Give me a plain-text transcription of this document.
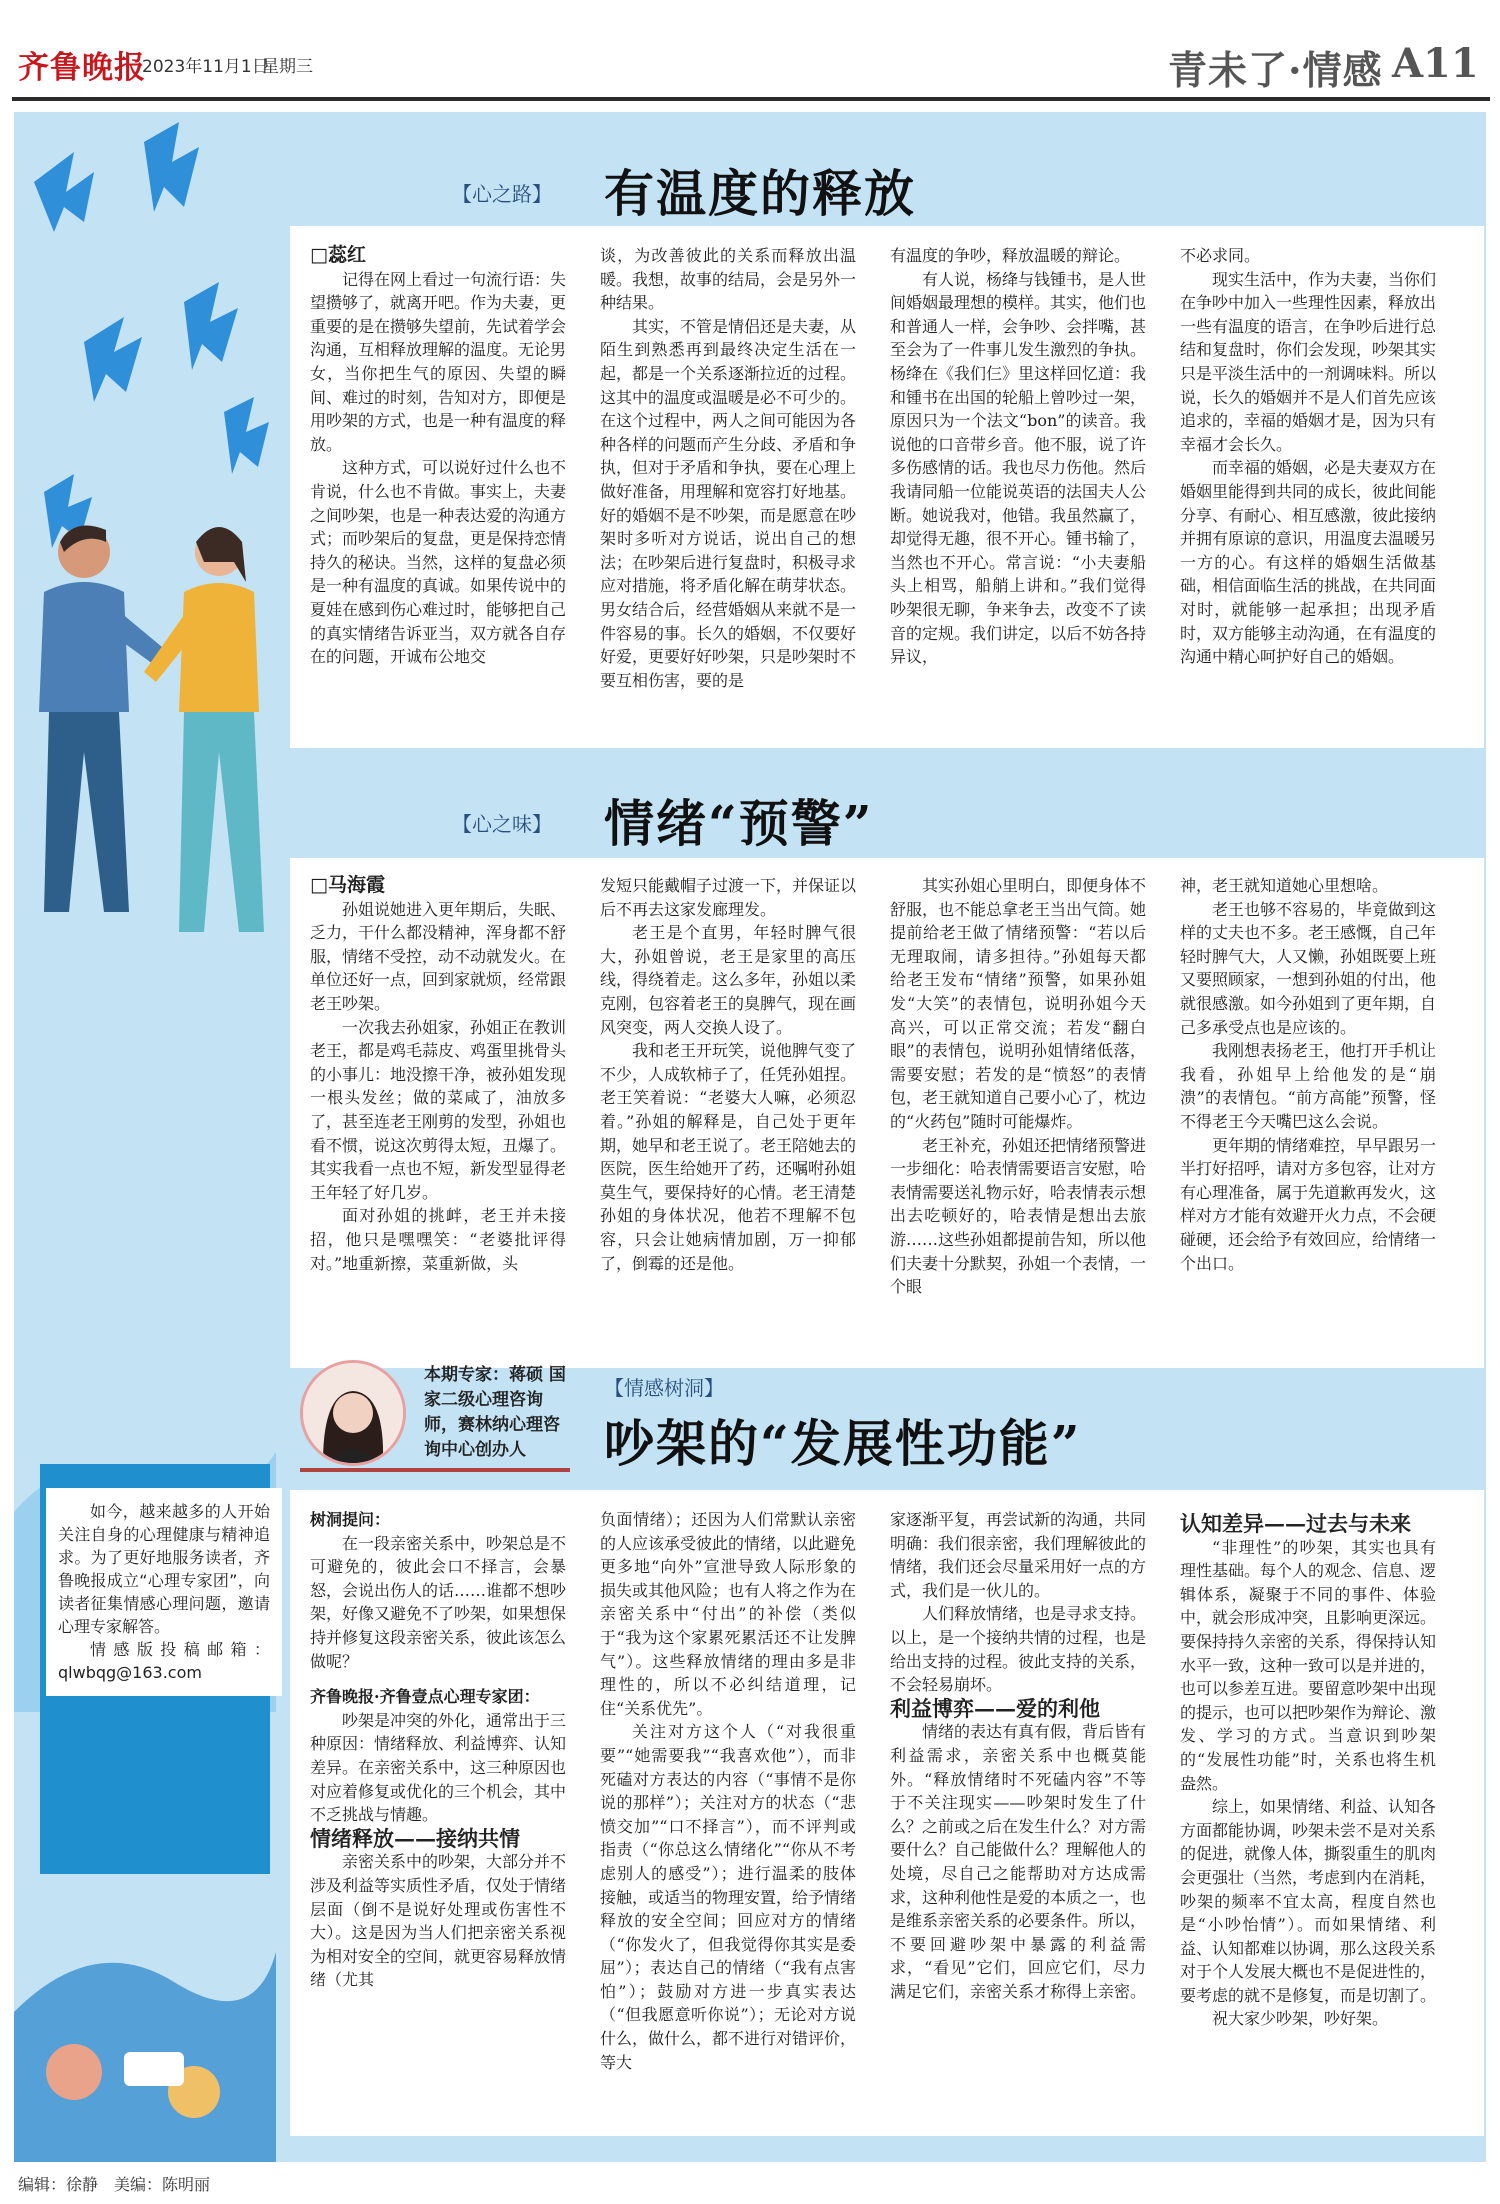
齐鲁晚报
2023年11月1日
星期三	青未了·情感 A11
【心之路】 有温度的释放

□蕊红

记得在网上看过一句流行语：失望攒够了，就离开吧。作为夫妻，更重要的是在攒够失望前，先试着学会沟通，互相释放理解的温度。无论男女，当你把生气的原因、失望的瞬间、难过的时刻，告知对方，即便是用吵架的方式，也是一种有温度的释放。

这种方式，可以说好过什么也不肯说，什么也不肯做。事实上，夫妻之间吵架，也是一种表达爱的沟通方式；而吵架后的复盘，更是保持恋情持久的秘诀。当然，这样的复盘必须是一种有温度的真诚。如果传说中的夏娃在感到伤心难过时，能够把自己的真实情绪告诉亚当，双方就各自存在的问题，开诚布公地交

谈，为改善彼此的关系而释放出温暖。我想，故事的结局，会是另外一种结果。

其实，不管是情侣还是夫妻，从陌生到熟悉再到最终决定生活在一起，都是一个关系逐渐拉近的过程。这其中的温度或温暖是必不可少的。在这个过程中，两人之间可能因为各种各样的问题而产生分歧、矛盾和争执，但对于矛盾和争执，要在心理上做好准备，用理解和宽容打好地基。好的婚姻不是不吵架，而是愿意在吵架时多听对方说话，说出自己的想法；在吵架后进行复盘时，积极寻求应对措施，将矛盾化解在萌芽状态。男女结合后，经营婚姻从来就不是一件容易的事。长久的婚姻，不仅要好好爱，更要好好吵架，只是吵架时不要互相伤害，要的是

有温度的争吵，释放温暖的辩论。

有人说，杨绛与钱锺书，是人世间婚姻最理想的模样。其实，他们也和普通人一样，会争吵、会拌嘴，甚至会为了一件事儿发生激烈的争执。杨绛在《我们仨》里这样回忆道：我和锺书在出国的轮船上曾吵过一架，原因只为一个法文“bon”的读音。我说他的口音带乡音。他不服，说了许多伤感情的话。我也尽力伤他。然后我请同船一位能说英语的法国夫人公断。她说我对，他错。我虽然赢了，却觉得无趣，很不开心。锺书输了，当然也不开心。常言说：“小夫妻船头上相骂，船艄上讲和。”我们觉得吵架很无聊，争来争去，改变不了读音的定规。我们讲定，以后不妨各持异议，

不必求同。

现实生活中，作为夫妻，当你们在争吵中加入一些理性因素，释放出一些有温度的语言，在争吵后进行总结和复盘时，你们会发现，吵架其实只是平淡生活中的一剂调味料。所以说，长久的婚姻并不是人们首先应该追求的，幸福的婚姻才是，因为只有幸福才会长久。

而幸福的婚姻，必是夫妻双方在婚姻里能得到共同的成长，彼此间能分享、有耐心、相互感激，彼此接纳并拥有原谅的意识，用温度去温暖另一方的心。有这样的婚姻生活做基础，相信面临生活的挑战，在共同面对时，就能够一起承担；出现矛盾时，双方能够主动沟通，在有温度的沟通中精心呵护好自己的婚姻。

【心之味】 情绪“预警”

□马海霞

孙姐说她进入更年期后，失眠、乏力，干什么都没精神，浑身都不舒服，情绪不受控，动不动就发火。在单位还好一点，回到家就烦，经常跟老王吵架。

一次我去孙姐家，孙姐正在教训老王，都是鸡毛蒜皮、鸡蛋里挑骨头的小事儿：地没擦干净，被孙姐发现一根头发丝；做的菜咸了，油放多了，甚至连老王刚剪的发型，孙姐也看不惯，说这次剪得太短，丑爆了。其实我看一点也不短，新发型显得老王年轻了好几岁。

面对孙姐的挑衅，老王并未接招，他只是嘿嘿笑：“老婆批评得对。”地重新擦，菜重新做，头

发短只能戴帽子过渡一下，并保证以后不再去这家发廊理发。

老王是个直男，年轻时脾气很大，孙姐曾说，老王是家里的高压线，得绕着走。这么多年，孙姐以柔克刚，包容着老王的臭脾气，现在画风突变，两人交换人设了。

我和老王开玩笑，说他脾气变了不少，人成软柿子了，任凭孙姐捏。老王笑着说：“老婆大人嘛，必须忍着。”孙姐的解释是，自己处于更年期，她早和老王说了。老王陪她去的医院，医生给她开了药，还嘱咐孙姐莫生气，要保持好的心情。老王清楚孙姐的身体状况，他若不理解不包容，只会让她病情加剧，万一抑郁了，倒霉的还是他。

其实孙姐心里明白，即便身体不舒服，也不能总拿老王当出气筒。她提前给老王做了情绪预警：“若以后无理取闹，请多担待。”孙姐每天都给老王发布“情绪”预警，如果孙姐发“大笑”的表情包，说明孙姐今天高兴，可以正常交流；若发“翻白眼”的表情包，说明孙姐情绪低落，需要安慰；若发的是“愤怒”的表情包，老王就知道自己要小心了，枕边的“火药包”随时可能爆炸。

老王补充，孙姐还把情绪预警进一步细化：哈表情需要语言安慰，哈表情需要送礼物示好，哈表情表示想出去吃顿好的，哈表情是想出去旅游……这些孙姐都提前告知，所以他们夫妻十分默契，孙姐一个表情，一个眼

神，老王就知道她心里想啥。

老王也够不容易的，毕竟做到这样的丈夫也不多。老王感慨，自己年轻时脾气大，人又懒，孙姐既要上班又要照顾家，一想到孙姐的付出，他就很感激。如今孙姐到了更年期，自己多承受点也是应该的。

我刚想表扬老王，他打开手机让我看，孙姐早上给他发的是“崩溃”的表情包。“前方高能”预警，怪不得老王今天嘴巴这么会说。

更年期的情绪难控，早早跟另一半打好招呼，请对方多包容，让对方有心理准备，属于先道歉再发火，这样对方才能有效避开火力点，不会硬碰硬，还会给予有效回应，给情绪一个出口。

本期专家：蒋硕 国家二级心理咨询师，赛林纳心理咨询中心创办人
【情感树洞】
吵架的“发展性功能”

树洞提问：

在一段亲密关系中，吵架总是不可避免的，彼此会口不择言，会暴怒，会说出伤人的话……谁都不想吵架，好像又避免不了吵架，如果想保持并修复这段亲密关系，彼此该怎么做呢？

齐鲁晚报·齐鲁壹点心理专家团：

吵架是冲突的外化，通常出于三种原因：情绪释放、利益博弈、认知差异。在亲密关系中，这三种原因也对应着修复或优化的三个机会，其中不乏挑战与情趣。

情绪释放——接纳共情

亲密关系中的吵架，大部分并不涉及利益等实质性矛盾，仅处于情绪层面（倒不是说好处理或伤害性不大）。这是因为当人们把亲密关系视为相对安全的空间，就更容易释放情绪（尤其

负面情绪）；还因为人们常默认亲密的人应该承受彼此的情绪，以此避免更多地“向外”宣泄导致人际形象的损失或其他风险；也有人将之作为在亲密关系中“付出”的补偿（类似于“我为这个家累死累活还不让发脾气”）。这些释放情绪的理由多是非理性的，所以不必纠结道理，记住“关系优先”。

关注对方这个人（“对我很重要”“她需要我”“我喜欢他”），而非死磕对方表达的内容（“事情不是你说的那样”）；关注对方的状态（“悲愤交加”“口不择言”），而不评判或指责（“你总这么情绪化”“你从不考虑别人的感受”）；进行温柔的肢体接触，或适当的物理安置，给予情绪释放的安全空间；回应对方的情绪（“你发火了，但我觉得你其实是委屈”）；表达自己的情绪（“我有点害怕”）；鼓励对方进一步真实表达（“但我愿意听你说”）；无论对方说什么，做什么，都不进行对错评价，等大

家逐渐平复，再尝试新的沟通，共同明确：我们很亲密，我们理解彼此的情绪，我们还会尽量采用好一点的方式，我们是一伙儿的。

人们释放情绪，也是寻求支持。以上，是一个接纳共情的过程，也是给出支持的过程。彼此支持的关系，不会轻易崩坏。

利益博弈——爱的利他

情绪的表达有真有假，背后皆有利益需求，亲密关系中也概莫能外。“释放情绪时不死磕内容”不等于不关注现实——吵架时发生了什么？之前或之后在发生什么？对方需要什么？自己能做什么？理解他人的处境，尽自己之能帮助对方达成需求，这种利他性是爱的本质之一，也是维系亲密关系的必要条件。所以，不要回避吵架中暴露的利益需求，“看见”它们，回应它们，尽力满足它们，亲密关系才称得上亲密。

认知差异——过去与未来

“非理性”的吵架，其实也具有理性基础。每个人的观念、信息、逻辑体系，凝聚于不同的事件、体验中，就会形成冲突，且影响更深远。要保持持久亲密的关系，得保持认知水平一致，这种一致可以是并进的，也可以参差互进。要留意吵架中出现的提示，也可以把吵架作为辩论、激发、学习的方式。当意识到吵架的“发展性功能”时，关系也将生机盎然。

综上，如果情绪、利益、认知各方面都能协调，吵架未尝不是对关系的促进，就像人体，撕裂重生的肌肉会更强壮（当然，考虑到内在消耗，吵架的频率不宜太高，程度自然也是“小吵怡情”）。而如果情绪、利益、认知都难以协调，那么这段关系对于个人发展大概也不是促进性的，要考虑的就不是修复，而是切割了。

祝大家少吵架，吵好架。

如今，越来越多的人开始关注自身的心理健康与精神追求。为了更好地服务读者，齐鲁晚报成立“心理专家团”，向读者征集情感心理问题，邀请心理专家解答。

情感版投稿邮箱：qlwbqg@163.com

编辑：徐静　美编：陈明丽
